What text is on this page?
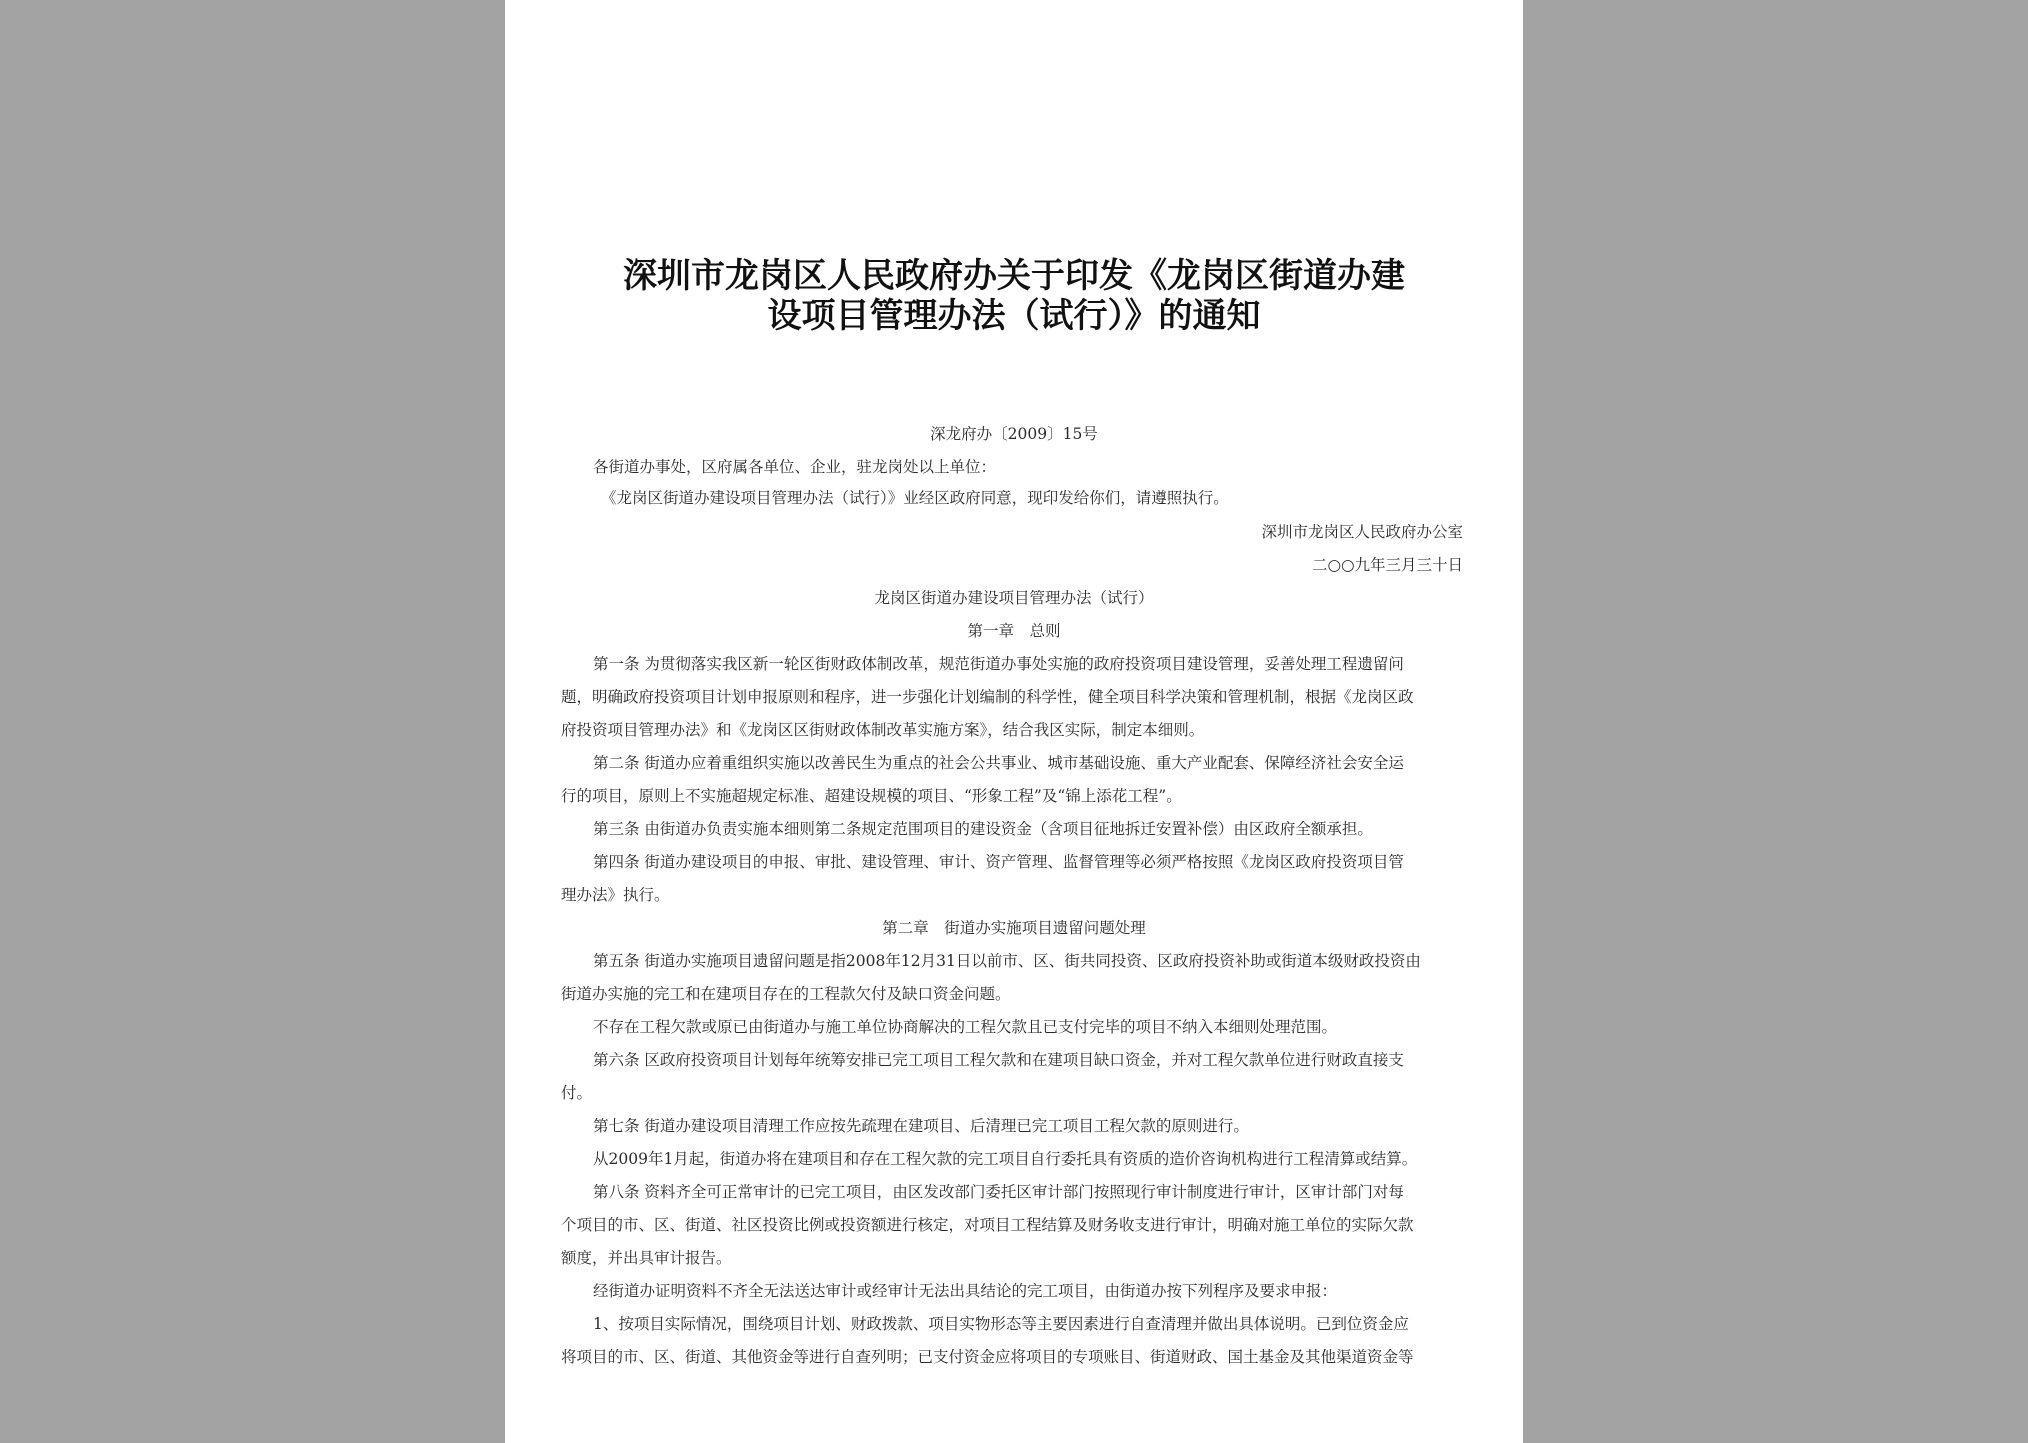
深圳市龙岗区人民政府办关于印发《龙岗区街道办建
设项目管理办法（试行）》的通知
深龙府办〔2009〕15号
各街道办事处，区府属各单位、企业，驻龙岗处以上单位：
《龙岗区街道办建设项目管理办法（试行）》业经区政府同意，现印发给你们，请遵照执行。
深圳市龙岗区人民政府办公室
二○○九年三月三十日
龙岗区街道办建设项目管理办法（试行）
第一章　总则
第一条 为贯彻落实我区新一轮区街财政体制改革，规范街道办事处实施的政府投资项目建设管理，妥善处理工程遗留问
题，明确政府投资项目计划申报原则和程序，进一步强化计划编制的科学性，健全项目科学决策和管理机制，根据《龙岗区政
府投资项目管理办法》和《龙岗区区街财政体制改革实施方案》，结合我区实际，制定本细则。
第二条 街道办应着重组织实施以改善民生为重点的社会公共事业、城市基础设施、重大产业配套、保障经济社会安全运
行的项目，原则上不实施超规定标准、超建设规模的项目、“形象工程”及“锦上添花工程”。
第三条 由街道办负责实施本细则第二条规定范围项目的建设资金（含项目征地拆迁安置补偿）由区政府全额承担。
第四条 街道办建设项目的申报、审批、建设管理、审计、资产管理、监督管理等必须严格按照《龙岗区政府投资项目管
理办法》执行。
第二章　街道办实施项目遗留问题处理
第五条 街道办实施项目遗留问题是指2008年12月31日以前市、区、街共同投资、区政府投资补助或街道本级财政投资由
街道办实施的完工和在建项目存在的工程款欠付及缺口资金问题。
不存在工程欠款或原已由街道办与施工单位协商解决的工程欠款且已支付完毕的项目不纳入本细则处理范围。
第六条 区政府投资项目计划每年统筹安排已完工项目工程欠款和在建项目缺口资金，并对工程欠款单位进行财政直接支
付。
第七条 街道办建设项目清理工作应按先疏理在建项目、后清理已完工项目工程欠款的原则进行。
从2009年1月起，街道办将在建项目和存在工程欠款的完工项目自行委托具有资质的造价咨询机构进行工程清算或结算。
第八条 资料齐全可正常审计的已完工项目，由区发改部门委托区审计部门按照现行审计制度进行审计，区审计部门对每
个项目的市、区、街道、社区投资比例或投资额进行核定，对项目工程结算及财务收支进行审计，明确对施工单位的实际欠款
额度，并出具审计报告。
经街道办证明资料不齐全无法送达审计或经审计无法出具结论的完工项目，由街道办按下列程序及要求申报：
1、按项目实际情况，围绕项目计划、财政拨款、项目实物形态等主要因素进行自查清理并做出具体说明。已到位资金应
将项目的市、区、街道、其他资金等进行自查列明；已支付资金应将项目的专项账目、街道财政、国土基金及其他渠道资金等
